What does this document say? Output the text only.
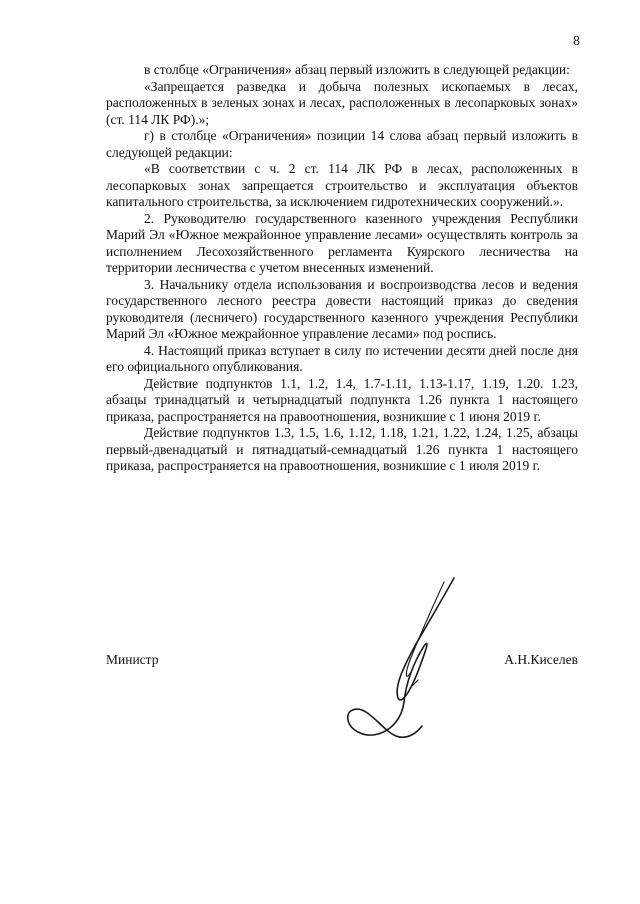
8

в столбце «Ограничения» абзац первый изложить в следующей редакции:

«Запрещается разведка и добыча полезных ископаемых в лесах, расположенных в зеленых зонах и лесах, расположенных в лесопарковых зонах» (ст. 114 ЛК РФ).»;

г) в столбце «Ограничения» позиции 14 слова абзац первый изложить в следующей редакции:

«В соответствии с ч. 2 ст. 114 ЛК РФ в лесах, расположенных в лесопарковых зонах запрещается строительство и эксплуатация объектов капитального строительства, за исключением гидротехнических сооружений.».

2. Руководителю государственного казенного учреждения Республики Марий Эл «Южное межрайонное управление лесами» осуществлять контроль за исполнением Лесохозяйственного регламента Куярского лесничества на территории лесничества с учетом внесенных изменений.

3. Начальнику отдела использования и воспроизводства лесов и ведения государственного лесного реестра довести настоящий приказ до сведения руководителя (лесничего) государственного казенного учреждения Республики Марий Эл «Южное межрайонное управление лесами» под роспись.

4. Настоящий приказ вступает в силу по истечении десяти дней после дня его официального опубликования.

Действие подпунктов 1.1, 1.2, 1.4, 1.7-1.11, 1.13-1.17, 1.19, 1.20. 1.23, абзацы тринадцатый и четырнадцатый подпункта 1.26 пункта 1 настоящего приказа, распространяется на правоотношения, возникшие с 1 июня 2019 г.

Действие подпунктов 1.3, 1.5, 1.6, 1.12, 1.18, 1.21, 1.22, 1.24, 1.25, абзацы первый-двенадцатый и пятнадцатый-семнадцатый 1.26 пункта 1 настоящего приказа, распространяется на правоотношения, возникшие с 1 июля 2019 г.

Министр	А.Н.Киселев
